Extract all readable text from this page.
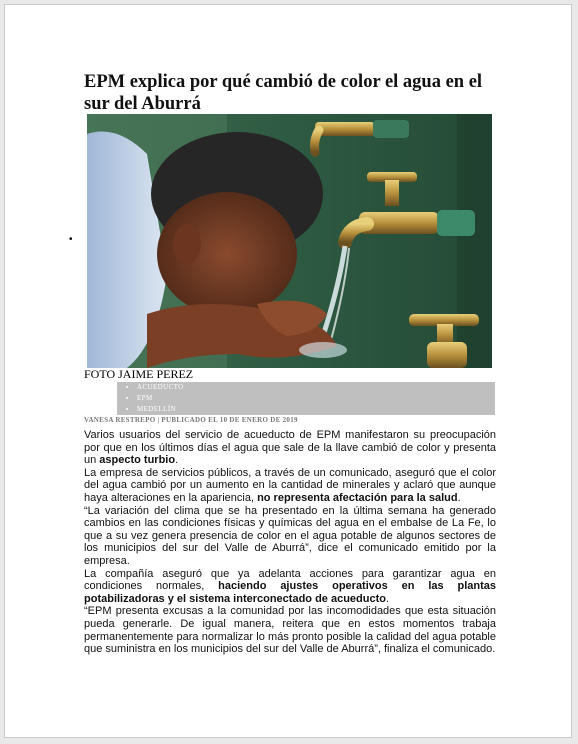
EPM explica por qué cambió de color el agua en el sur del Aburrá
•
FOTO JAIME PEREZ
• ACUEDUCTO
• EPM
• MEDELLÍN
VANESA RESTREPO | PUBLICADO EL 10 DE ENERO DE 2019

Varios usuarios del servicio de acueducto de EPM manifestaron su preocupación por que en los últimos días el agua que sale de la llave cambió de color y presenta un aspecto turbio.

La empresa de servicios públicos, a través de un comunicado, aseguró que el color del agua cambió por un aumento en la cantidad de minerales y aclaró que aunque haya alteraciones en la apariencia, no representa afectación para la salud.

“La variación del clima que se ha presentado en la última semana ha generado cambios en las condiciones físicas y químicas del agua en el embalse de La Fe, lo que a su vez genera presencia de color en el agua potable de algunos sectores de los municipios del sur del Valle de Aburrá”, dice el comunicado emitido por la empresa.

La compañía aseguró que ya adelanta acciones para garantizar agua en condiciones normales, haciendo ajustes operativos en las plantas potabilizadoras y el sistema interconectado de acueducto.

“EPM presenta excusas a la comunidad por las incomodidades que esta situación pueda generarle. De igual manera, reitera que en estos momentos trabaja permanentemente para normalizar lo más pronto posible la calidad del agua potable que suministra en los municipios del sur del Valle de Aburrá”, finaliza el comunicado.
